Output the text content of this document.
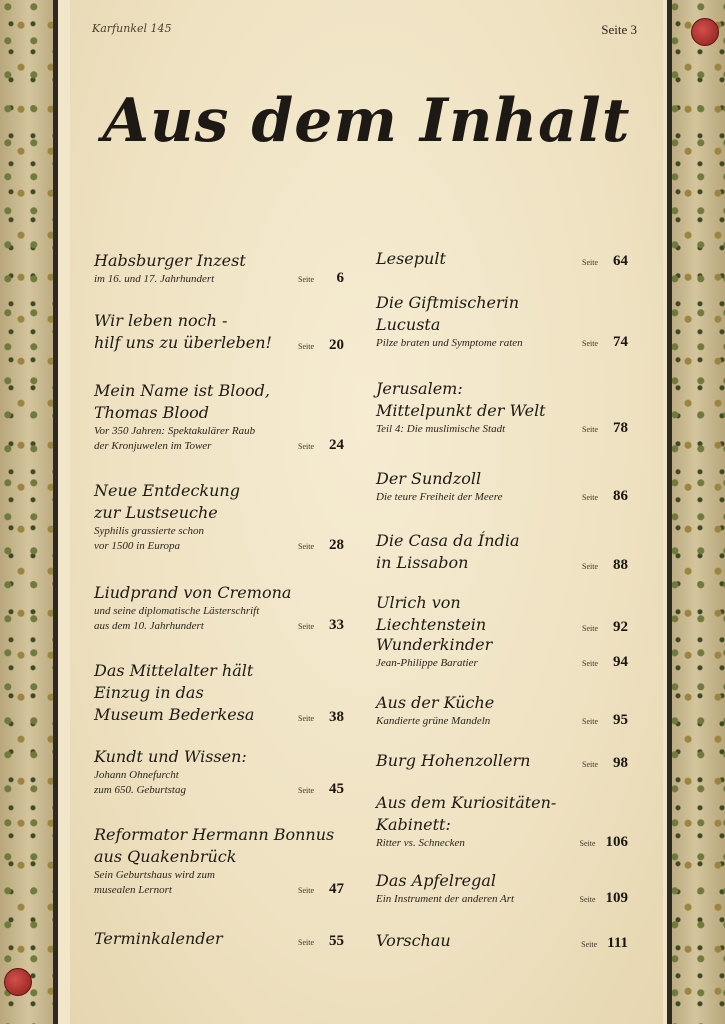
Karfunkel 145	Seite 3
Aus dem Inhalt
Habsburger Inzest
im 16. und 17. Jahrhundert	Seite	6
Wir leben noch -
hilf uns zu überleben!	Seite	20
Mein Name ist Blood,
Thomas Blood
Vor 350 Jahren: Spektakulärer Raub
der Kronjuwelen im Tower	Seite	24
Neue Entdeckung
zur Lustseuche
Syphilis grassierte schon
vor 1500 in Europa	Seite	28
Liudprand von Cremona
und seine diplomatische Lästerschrift
aus dem 10. Jahrhundert	Seite	33
Das Mittelalter hält
Einzug in das
Museum Bederkesa	Seite	38
Kundt und Wissen:
Johann Ohnefurcht
zum 650. Geburtstag	Seite	45
Reformator Hermann Bonnus
aus Quakenbrück
Sein Geburtshaus wird zum
musealen Lernort	Seite	47
Terminkalender	Seite	55
Lesepult	Seite	64
Die Giftmischerin
Lucusta
Pilze braten und Symptome raten	Seite	74
Jerusalem:
Mittelpunkt der Welt
Teil 4: Die muslimische Stadt	Seite	78
Der Sundzoll
Die teure Freiheit der Meere	Seite	86
Die Casa da Índia
in Lissabon	Seite	88
Ulrich von Liechtenstein	Seite	92
Wunderkinder
Jean-Philippe Baratier	Seite	94
Aus der Küche
Kandierte grüne Mandeln	Seite	95
Burg Hohenzollern	Seite	98
Aus dem Kuriositäten-
Kabinett:
Ritter vs. Schnecken	Seite 106
Das Apfelregal
Ein Instrument der anderen Art	Seite 109
Vorschau	Seite 111
